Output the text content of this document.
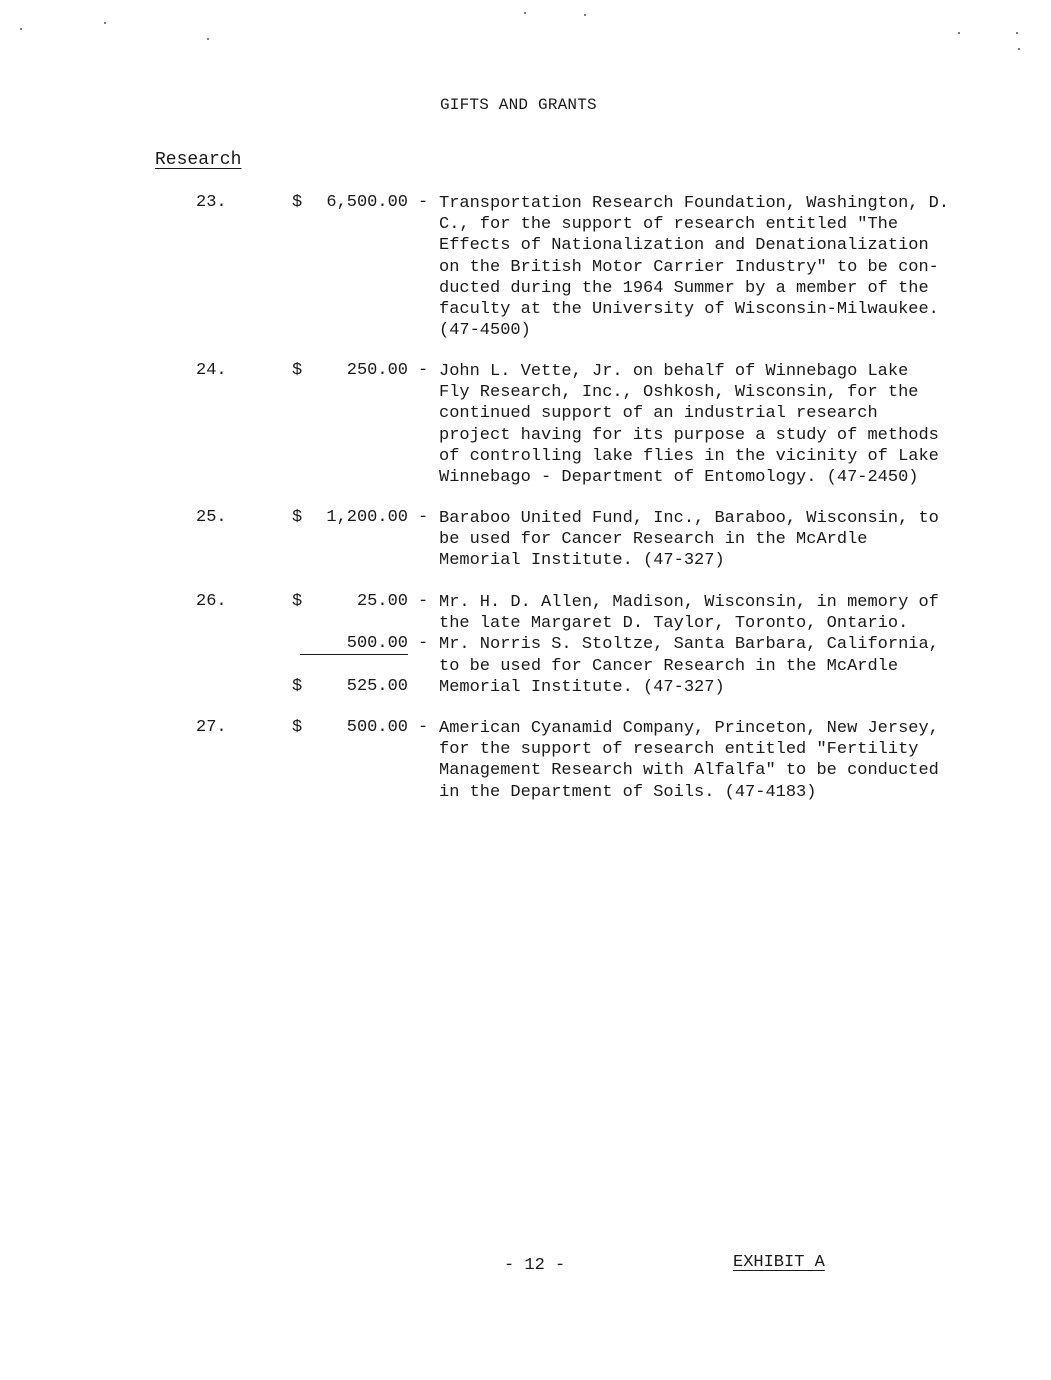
GIFTS AND GRANTS
Research
23.	$	6,500.00 - Transportation Research Foundation, Washington, D.
C., for the support of research entitled "The
Effects of Nationalization and Denationalization
on the British Motor Carrier Industry" to be con-
ducted during the 1964 Summer by a member of the
faculty at the University of Wisconsin-Milwaukee.
(47-4500)
24.	$	250.00 - John L. Vette, Jr. on behalf of Winnebago Lake
Fly Research, Inc., Oshkosh, Wisconsin, for the
continued support of an industrial research
project having for its purpose a study of methods
of controlling lake flies in the vicinity of Lake
Winnebago - Department of Entomology. (47-2450)
25.	$	1,200.00 - Baraboo United Fund, Inc., Baraboo, Wisconsin, to
be used for Cancer Research in the McArdle
Memorial Institute. (47-327)
26.	$	25.00 - Mr. H. D. Allen, Madison, Wisconsin, in memory of
the late Margaret D. Taylor, Toronto, Ontario.
500.00 - Mr. Norris S. Stoltze, Santa Barbara, California,
to be used for Cancer Research in the McArdle
$	525.00 Memorial Institute. (47-327)
27.	$	500.00 - American Cyanamid Company, Princeton, New Jersey,
for the support of research entitled "Fertility
Management Research with Alfalfa" to be conducted
in the Department of Soils. (47-4183)
- 12 -	EXHIBIT A
